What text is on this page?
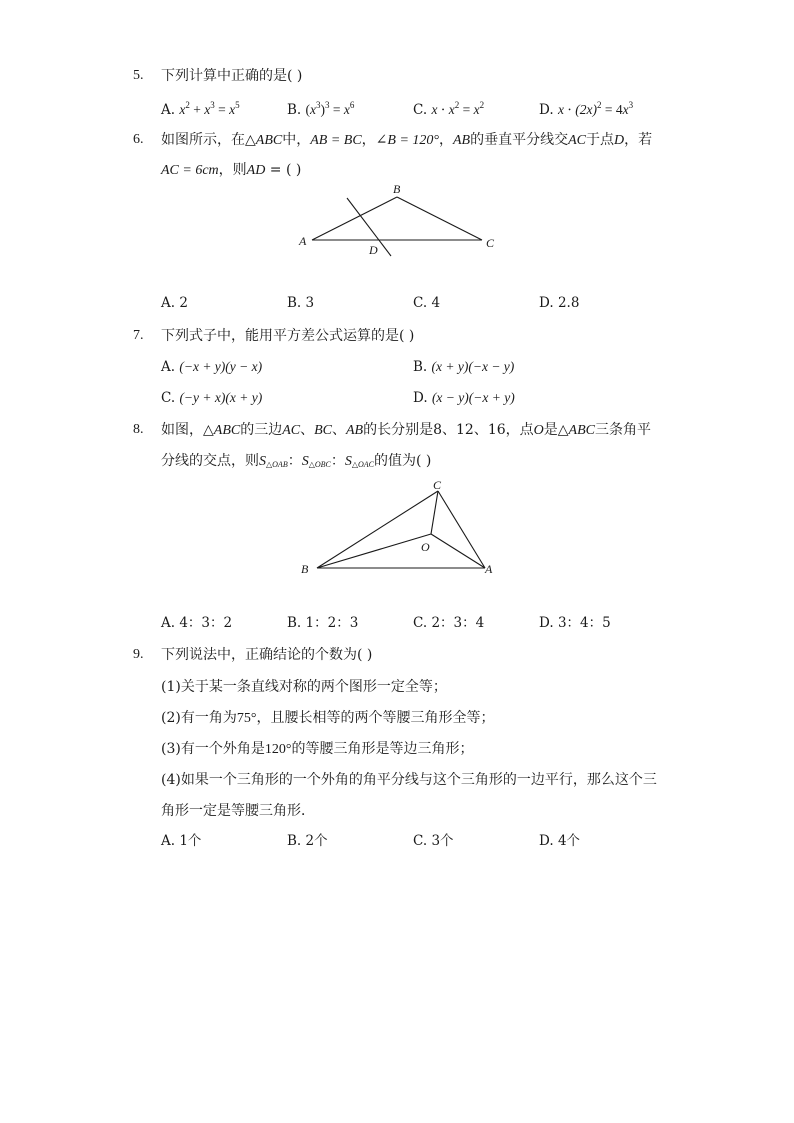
5. 下列计算中正确的是( )
A. $x^2 + x^3 = x^5$	B. $(x^3)^3 = x^6$	C. $x \cdot x^2 = x^2$	D. $x \cdot (2x)^2 = 4x^3$
6. 如图所示，在△ABC中，AB = BC，∠B = 120°，AB的垂直平分线交AC于点D，若
AC = 6cm，则AD = ( )
A
B
C
D
A. 2	B. 3	C. 4	D. 2.8
7. 下列式子中，能用平方差公式运算的是( )
A. (−x + y)(y − x)	B. (x + y)(−x − y)
C. (−y + x)(x + y)	D. (x − y)(−x + y)
8. 如图，△ABC的三边AC、BC、AB的长分别是8、12、16，点O是△ABC三条角平
分线的交点，则$S_{\triangle OAB}$：$S_{\triangle OBC}$：$S_{\triangle OAC}$的值为( )
B
C
A
O
A. 4：3：2	B. 1：2：3	C. 2：3：4	D. 3：4：5
9. 下列说法中，正确结论的个数为( )
(1)关于某一条直线对称的两个图形一定全等；
(2)有一角为75°，且腰长相等的两个等腰三角形全等；
(3)有一个外角是120°的等腰三角形是等边三角形；
(4)如果一个三角形的一个外角的角平分线与这个三角形的一边平行，那么这个三
角形一定是等腰三角形．
A. 1个	B. 2个	C. 3个	D. 4个
